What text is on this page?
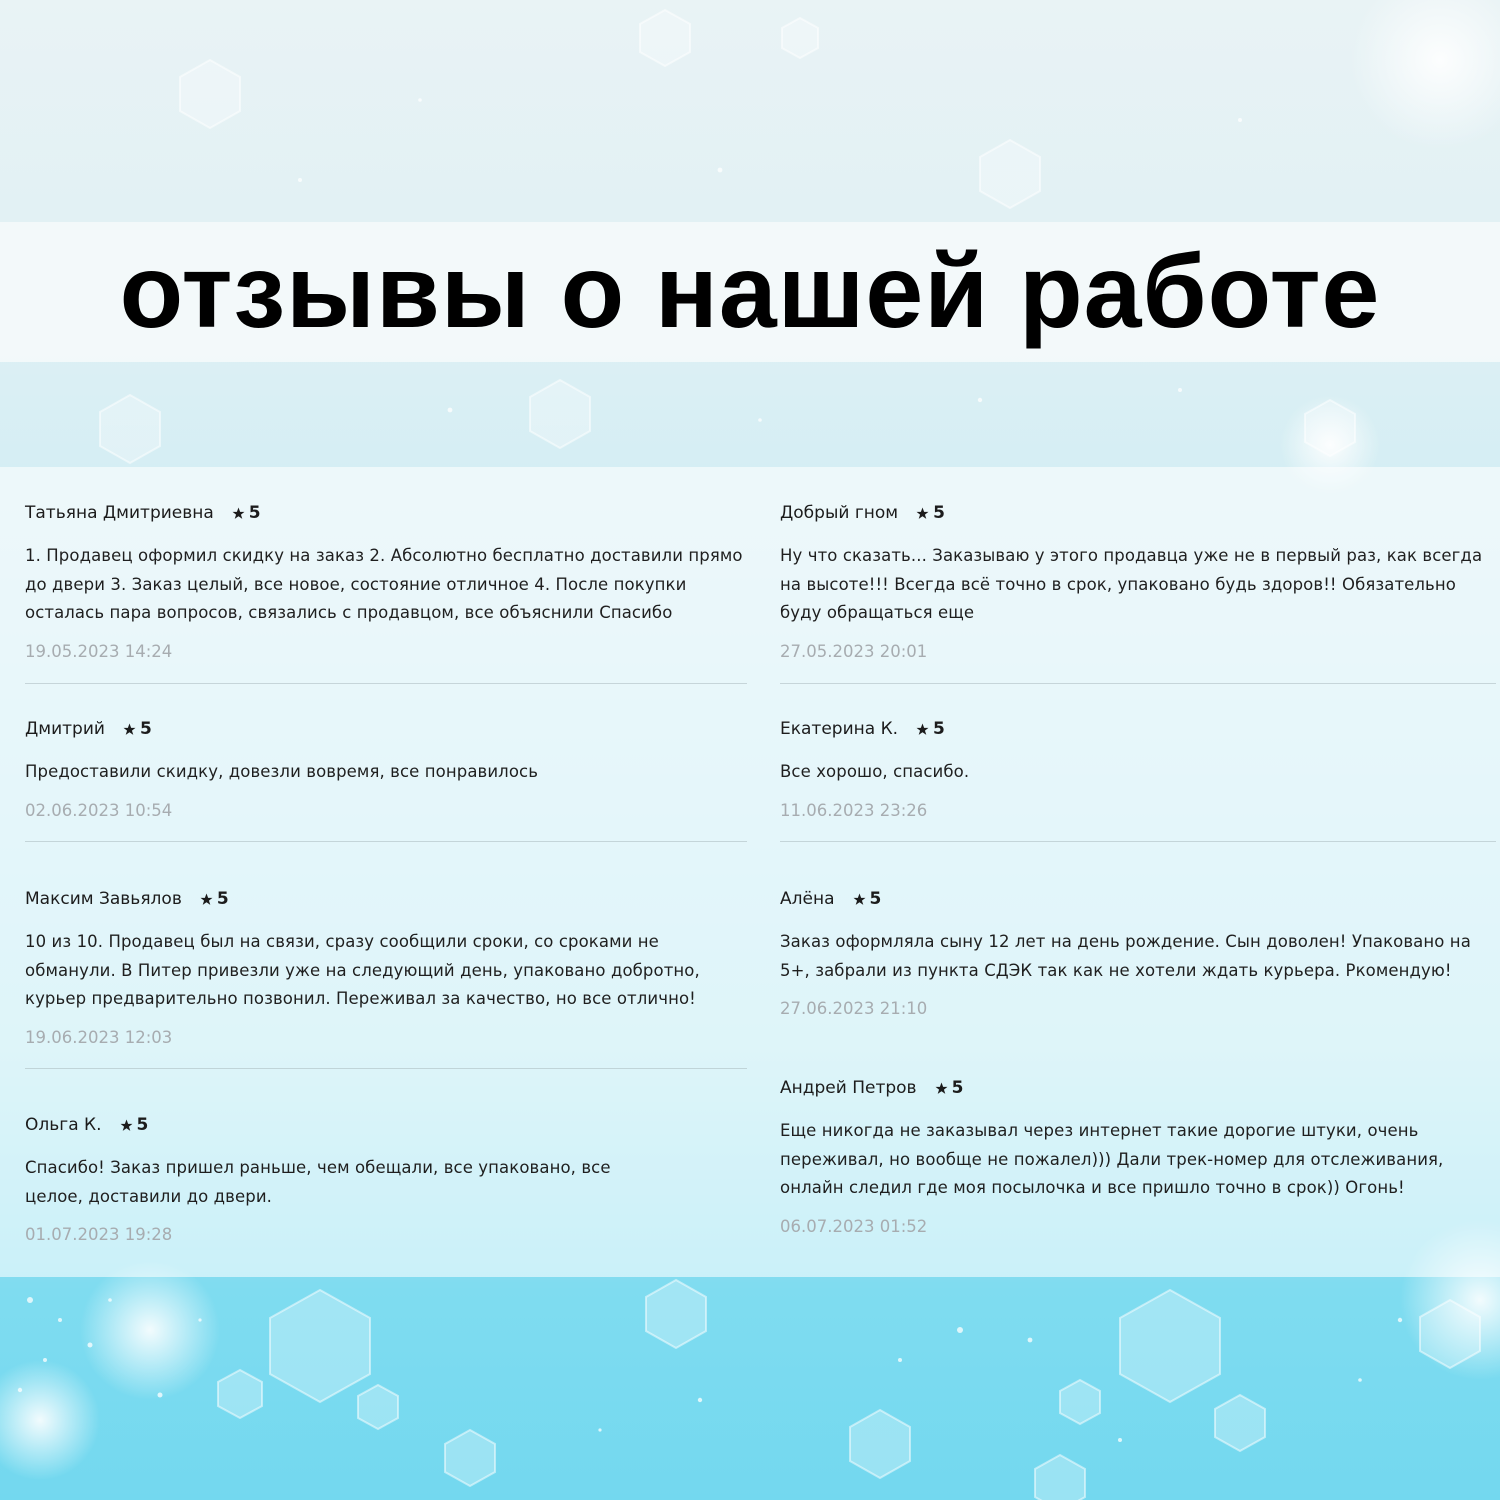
отзывы о нашей работе
Татьяна Дмитриевна 5

1. Продавец оформил скидку на заказ 2. Абсолютно бесплатно доставили прямо до двери 3. Заказ целый, все новое, состояние отличное 4. После покупки осталась пара вопросов, связались с продавцом, все объяснили Спасибо

19.05.2023 14:24
Дмитрий 5

Предоставили скидку, довезли вовремя, все понравилось

02.06.2023 10:54
Максим Завьялов 5

10 из 10. Продавец был на связи, сразу сообщили сроки, со сроками не обманули. В Питер привезли уже на следующий день, упаковано добротно, курьер предварительно позвонил. Переживал за качество, но все отлично!

19.06.2023 12:03
Ольга К. 5

Спасибо! Заказ пришел раньше, чем обещали, все упаковано, все целое, доставили до двери.

01.07.2023 19:28
Добрый гном 5

Ну что сказать... Заказываю у этого продавца уже не в первый раз, как всегда на высоте!!! Всегда всё точно в срок, упаковано будь здоров!! Обязательно буду обращаться еще

27.05.2023 20:01
Екатерина К. 5

Все хорошо, спасибо.

11.06.2023 23:26
Алёна 5

Заказ оформляла сыну 12 лет на день рождение. Сын доволен! Упаковано на 5+, забрали из пункта СДЭК так как не хотели ждать курьера. Ркомендую!

27.06.2023 21:10
Андрей Петров 5

Еще никогда не заказывал через интернет такие дорогие штуки, очень переживал, но вообще не пожалел))) Дали трек-номер для отслеживания, онлайн следил где моя посылочка и все пришло точно в срок)) Огонь!

06.07.2023 01:52
